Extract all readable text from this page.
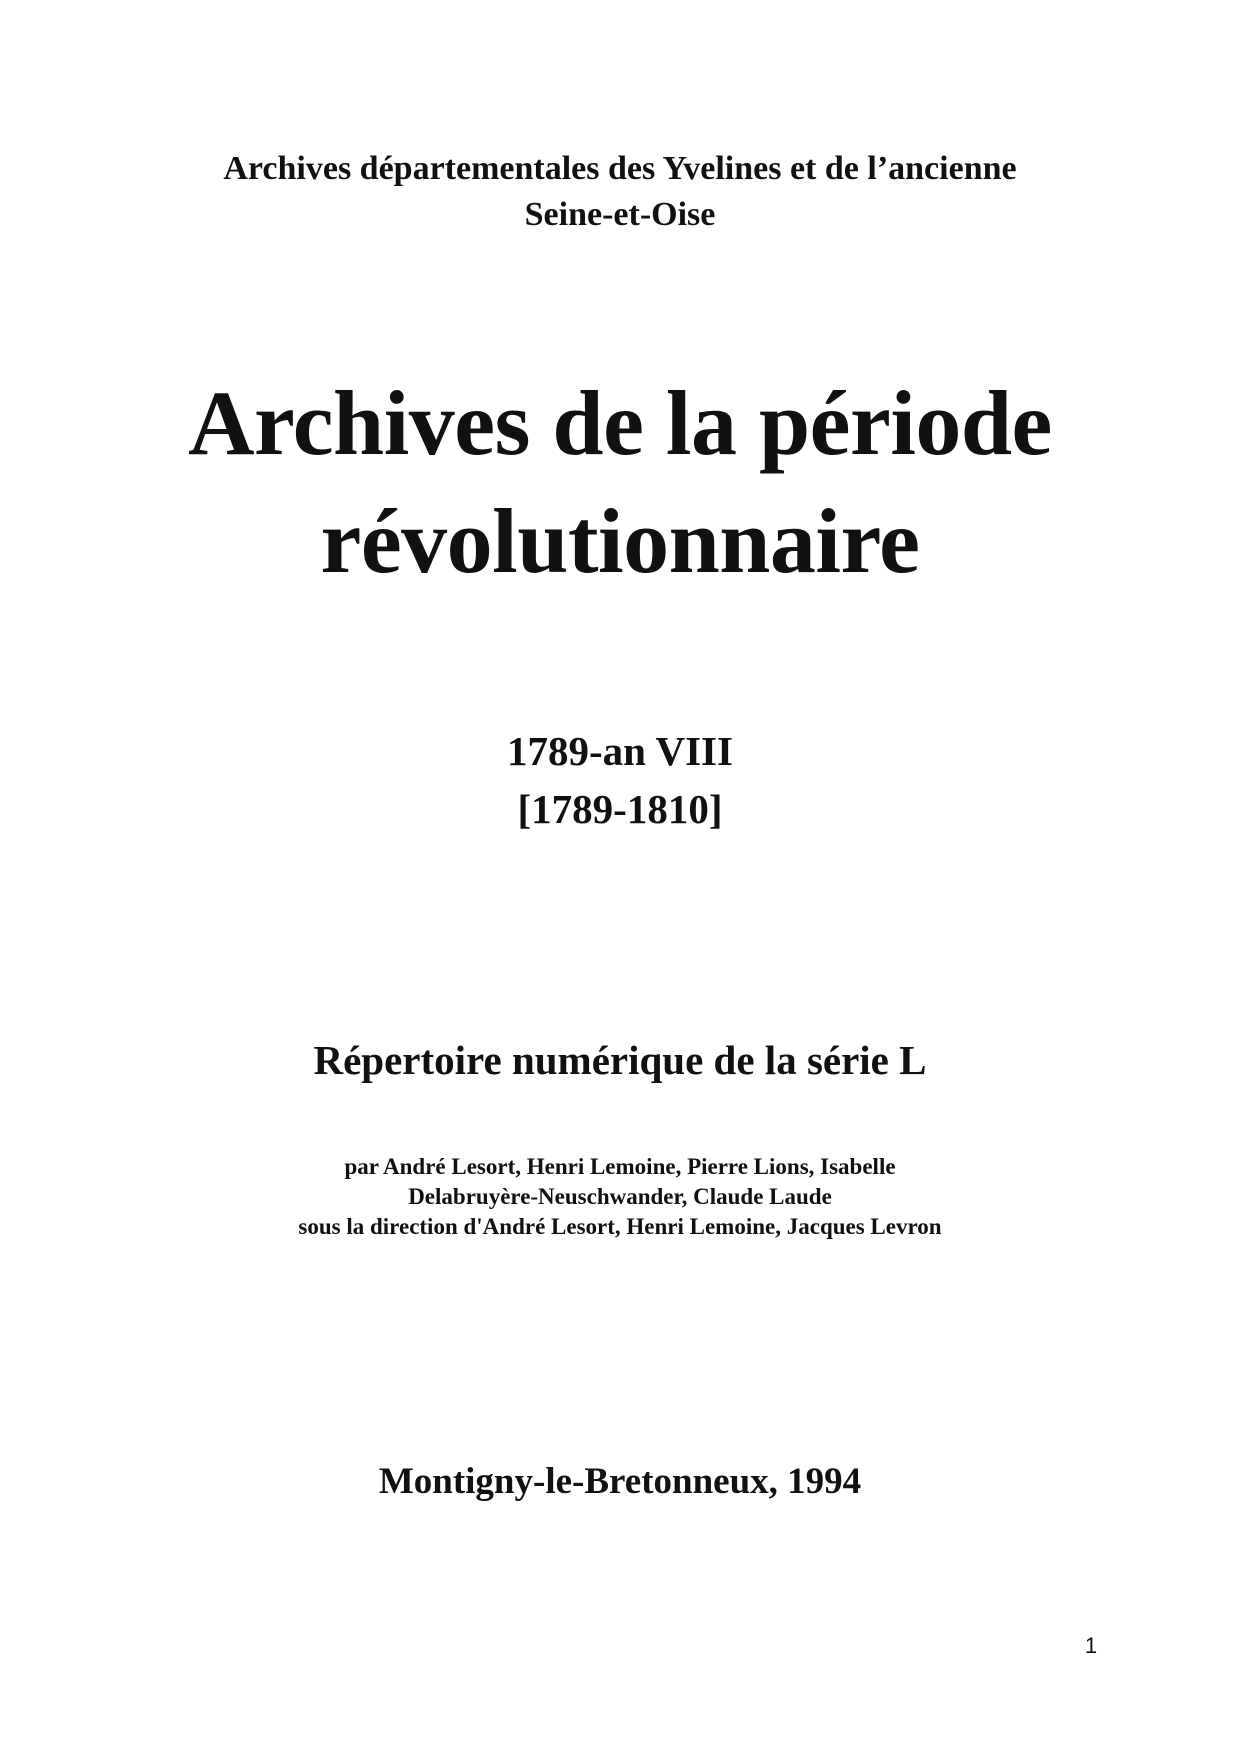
Archives départementales des Yvelines et de l’ancienne
Seine-et-Oise
Archives de la période
révolutionnaire
1789-an VIII
[1789-1810]
Répertoire numérique de la série L
par André Lesort, Henri Lemoine, Pierre Lions, Isabelle
Delabruyère-Neuschwander, Claude Laude
sous la direction d'André Lesort, Henri Lemoine, Jacques Levron
Montigny-le-Bretonneux, 1994
1
